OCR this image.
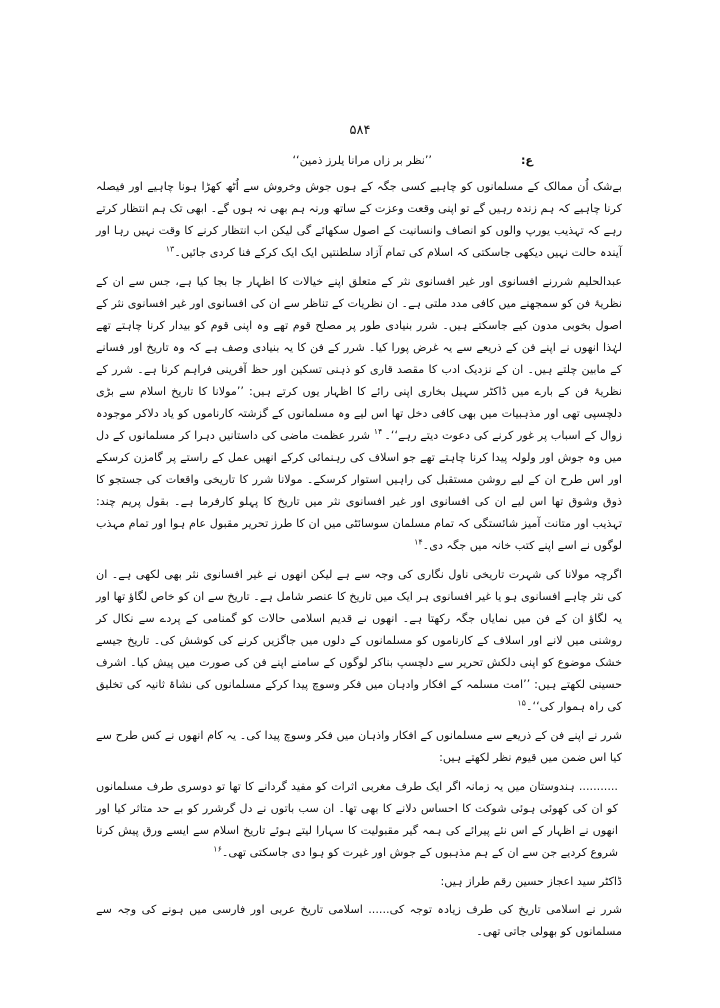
۵۸۴
ع:
’’نظر بر زاں مرانا یلرز ذمین‘‘

بےشک اُن ممالک کے مسلمانوں کو چاہیے کسی جگہ کے ہوں جوش وخروش سے اُٹھ کھڑا ہونا چاہیے اور فیصلہ کرنا چاہیے کہ ہم زندہ رہیں گے تو اپنی وقعت وعزت کے ساتھ ورنہ ہم بھی نہ ہوں گے۔ ابھی تک ہم انتظار کرتے رہے کہ تہذیب یورپ والوں کو انصاف وانسانیت کے اصول سکھائے گی لیکن اب انتظار کرنے کا وقت نہیں رہا اور آیندہ حالت نہیں دیکھی جاسکتی کہ اسلام کی تمام آزاد سلطنتیں ایک ایک کرکے فنا کردی جائیں۔$^{۱۳}$

عبدالحلیم شررنے افسانوی اور غیر افسانوی نثر کے متعلق اپنے خیالات کا اظہار جا بجا کیا ہے، جس سے ان کے نظریۂ فن کو سمجھنے میں کافی مدد ملتی ہے۔ ان نظریات کے تناظر سے ان کی افسانوی اور غیر افسانوی نثر کے اصول بخوبی مدون کیے جاسکتے ہیں۔ شرر بنیادی طور پر مصلح قوم تھے وہ اپنی قوم کو بیدار کرنا چاہتے تھے لہٰذا انھوں نے اپنے فن کے ذریعے سے یہ غرض پورا کیا۔ شرر کے فن کا یہ بنیادی وصف ہے کہ وہ تاریخ اور فسانے کے مابین چلتے ہیں۔ ان کے نزدیک ادب کا مقصد قاری کو ذہنی تسکین اور حظ آفرینی فراہم کرنا ہے۔ شرر کے نظریۂ فن کے بارے میں ڈاکٹر سہیل بخاری اپنی رائے کا اظہار یوں کرتے ہیں: ’’مولانا کا تاریخ اسلام سے بڑی دلچسپی تھی اور مذہبیات میں بھی کافی دخل تھا اس لیے وہ مسلمانوں کے گزشتہ کارناموں کو یاد دلاکر موجودہ زوال کے اسباب پر غور کرنے کی دعوت دیتے رہے‘‘۔$^{۱۴}$ شرر عظمت ماضی کی داستانیں دہرا کر مسلمانوں کے دل میں وہ جوش اور ولولہ پیدا کرنا چاہتے تھے جو اسلاف کی رہنمائی کرکے انھیں عمل کے راستے پر گامزن کرسکے اور اس طرح ان کے لیے روشن مستقبل کی راہیں استوار کرسکے۔ مولانا شرر کا تاریخی واقعات کی جستجو کا ذوق وشوق تھا اس لیے ان کی افسانوی اور غیر افسانوی نثر میں تاریخ کا پہلو کارفرما ہے۔ بقول پریم چند: تہذیب اور متانت آمیز شائستگی کہ تمام مسلمان سوسائٹی میں ان کا طرز تحریر مقبول عام ہوا اور تمام مہذب لوگوں نے اسے اپنے کتب خانہ میں جگہ دی۔$^{۱۴}$

اگرچہ مولانا کی شہرت تاریخی ناول نگاری کی وجہ سے ہے لیکن انھوں نے غیر افسانوی نثر بھی لکھی ہے۔ ان کی نثر چاہے افسانوی ہو یا غیر افسانوی ہر ایک میں تاریخ کا عنصر شامل ہے۔ تاریخ سے ان کو خاص لگاؤ تھا اور یہ لگاؤ ان کے فن میں نمایاں جگہ رکھتا ہے۔ انھوں نے قدیم اسلامی حالات کو گمنامی کے پردے سے نکال کر روشنی میں لانے اور اسلاف کے کارناموں کو مسلمانوں کے دلوں میں جاگزیں کرنے کی کوشش کی۔ تاریخ جیسے خشک موضوع کو اپنی دلکش تحریر سے دلچسپ بناکر لوگوں کے سامنے اپنے فن کی صورت میں پیش کیا۔ اشرف حسینی لکھتے ہیں: ’’امت مسلمہ کے افکار وادہان میں فکر وسوچ پیدا کرکے مسلمانوں کی نشاۃ ثانیہ کی تخلیق کی راہ ہموار کی‘‘۔$^{۱۵}$

شرر نے اپنے فن کے ذریعے سے مسلمانوں کے افکار واذہان میں فکر وسوچ پیدا کی۔ یہ کام انھوں نے کس طرح سے کیا اس ضمن میں قیوم نظر لکھتے ہیں:

........... ہندوستان میں یہ زمانہ اگر ایک طرف مغربی اثرات کو مفید گردانے کا تھا تو دوسری طرف مسلمانوں کو ان کی کھوئی ہوئی شوکت کا احساس دلانے کا بھی تھا۔ ان سب باتوں نے دل گرشرر کو بے حد متاثر کیا اور انھوں نے اظہار کے اس نئے پیرائے کی ہمہ گیر مقبولیت کا سہارا لیتے ہوئے تاریخ اسلام سے ایسے ورق پیش کرنا شروع کردیے جن سے ان کے ہم مذہبوں کے جوش اور غیرت کو ہوا دی جاسکتی تھی۔$^{۱۶}$

ڈاکٹر سید اعجاز حسین رقم طراز ہیں:

شرر نے اسلامی تاریخ کی طرف زیادہ توجہ کی...... اسلامی تاریخ عربی اور فارسی میں ہونے کی وجہ سے مسلمانوں کو بھولی جاتی تھی۔
